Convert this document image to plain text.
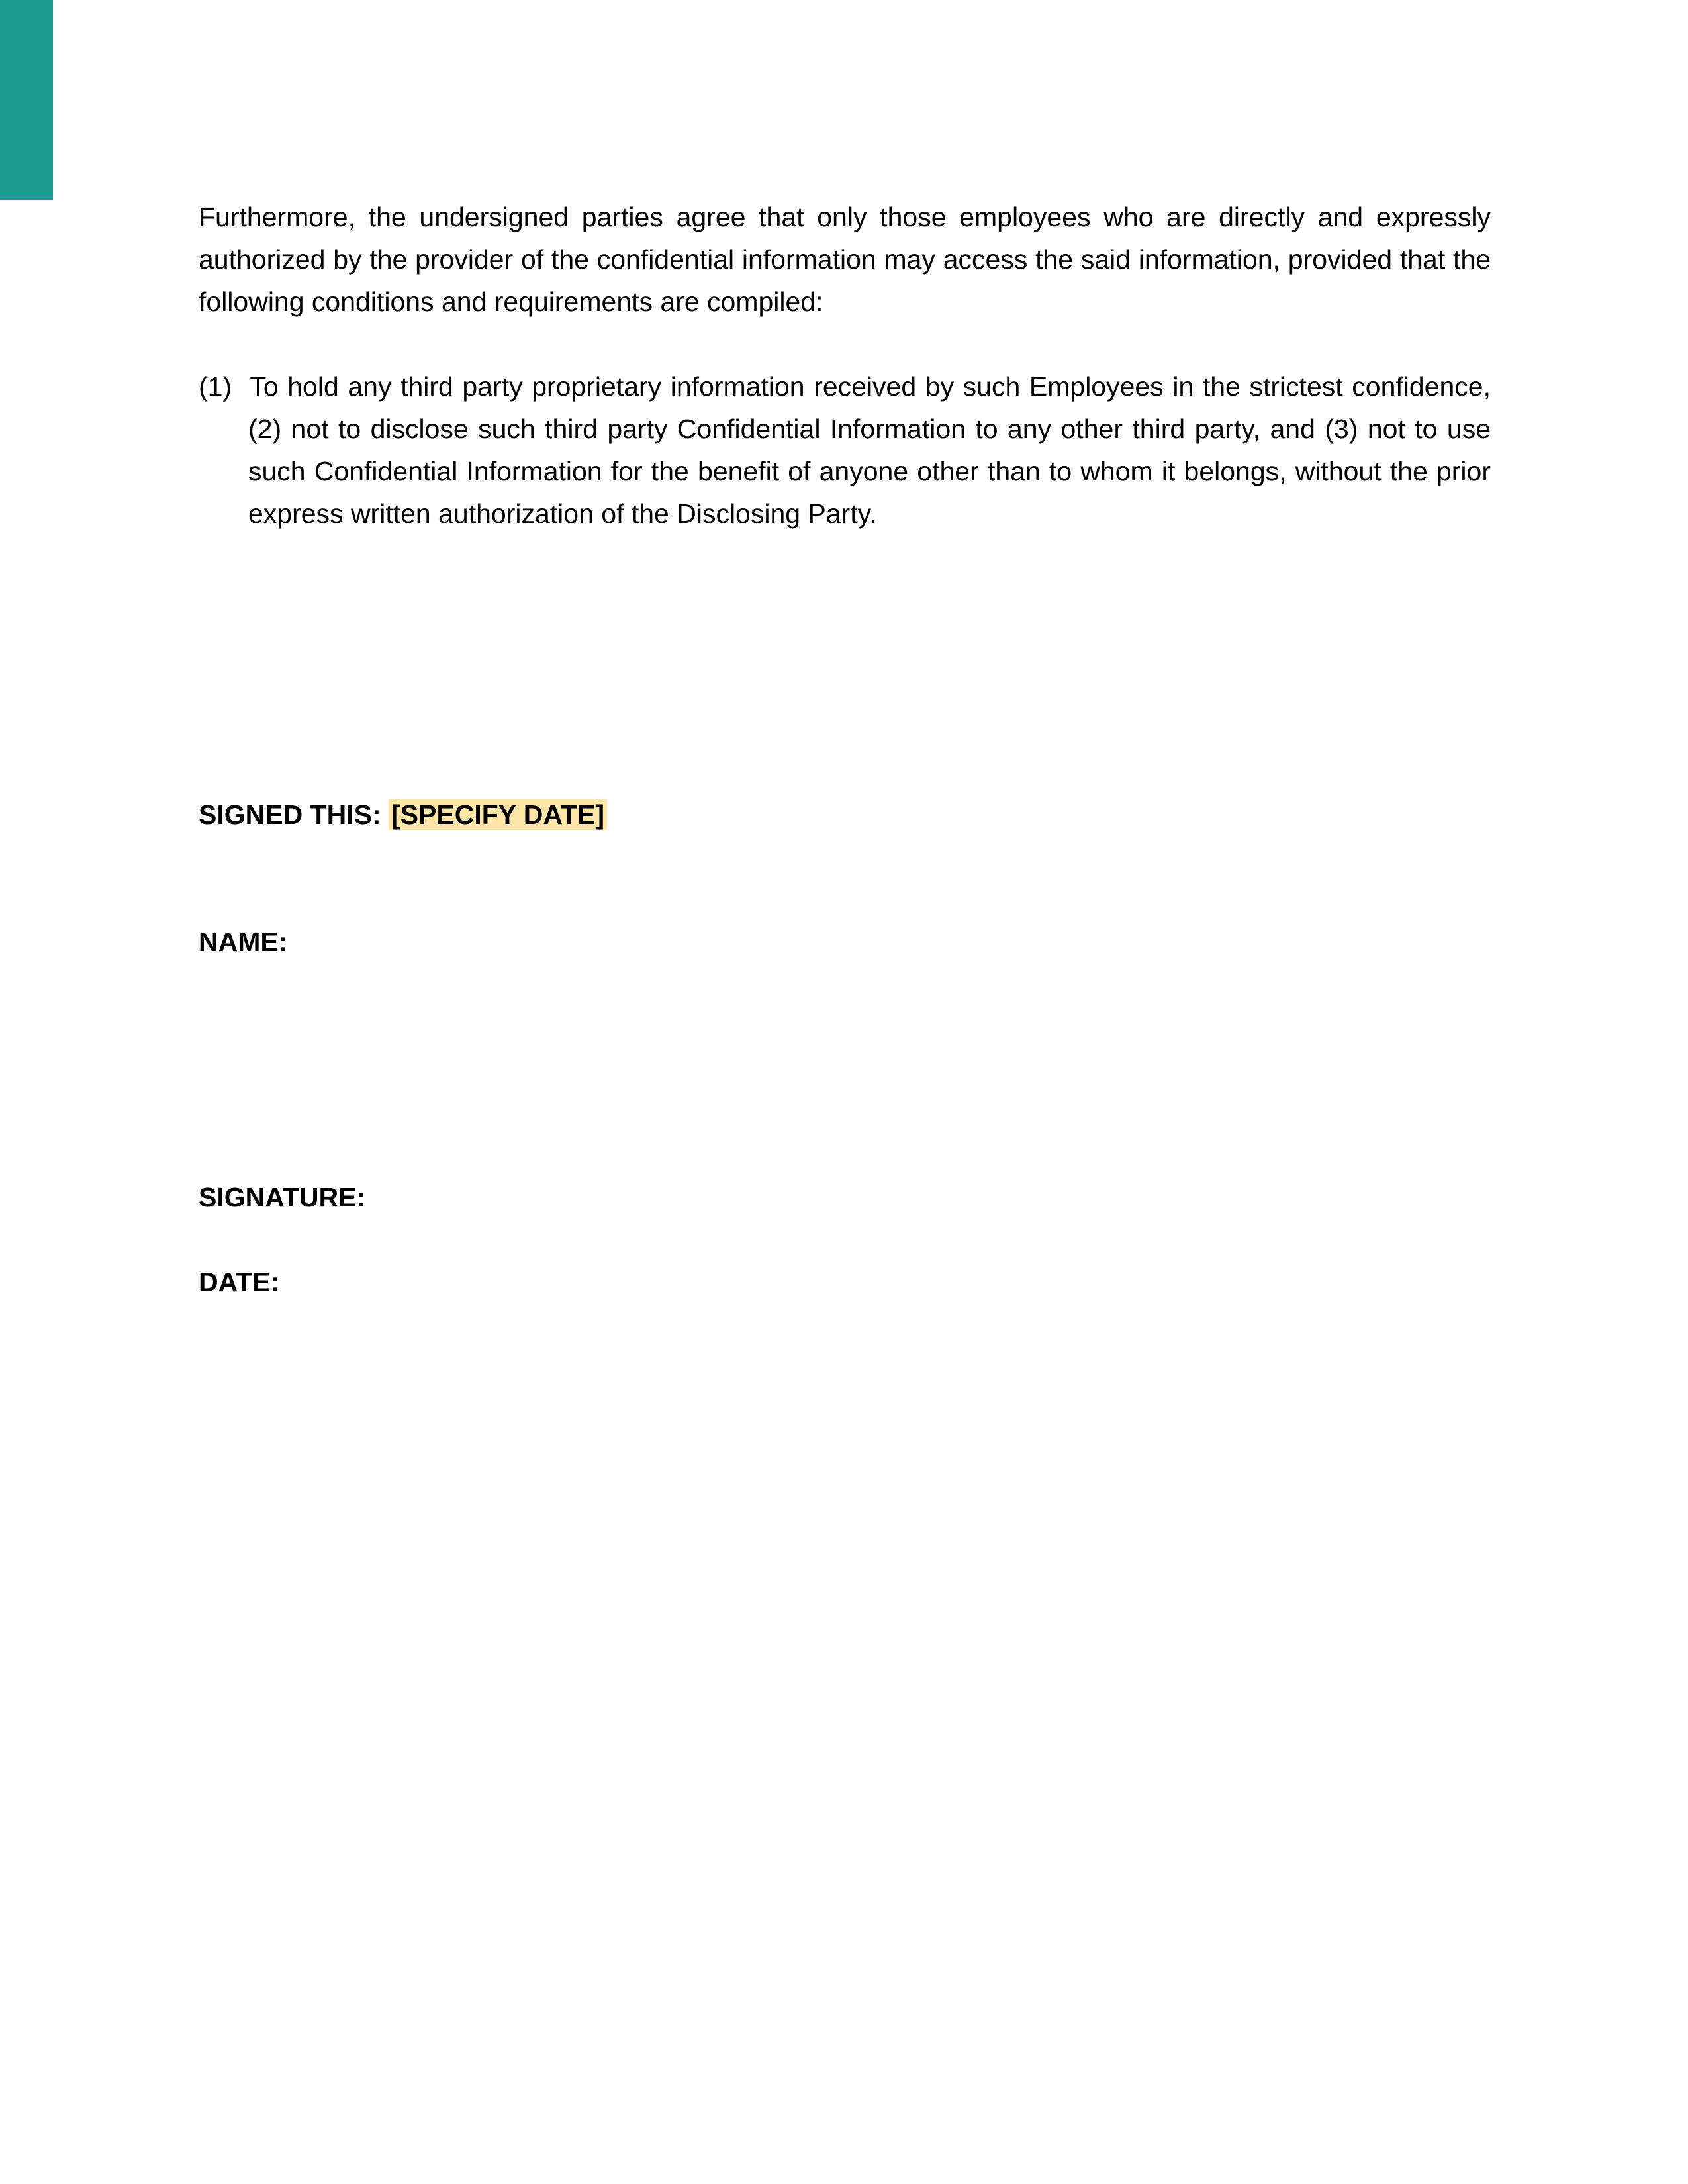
Furthermore, the undersigned parties agree that only those employees who are directly and expressly authorized by the provider of the confidential information may access the said information, provided that the following conditions and requirements are compiled:

(1) To hold any third party proprietary information received by such Employees in the strictest confidence, (2) not to disclose such third party Confidential Information to any other third party, and (3) not to use such Confidential Information for the benefit of anyone other than to whom it belongs, without the prior express written authorization of the Disclosing Party.

SIGNED THIS: [SPECIFY DATE]
NAME:
SIGNATURE:
DATE:
